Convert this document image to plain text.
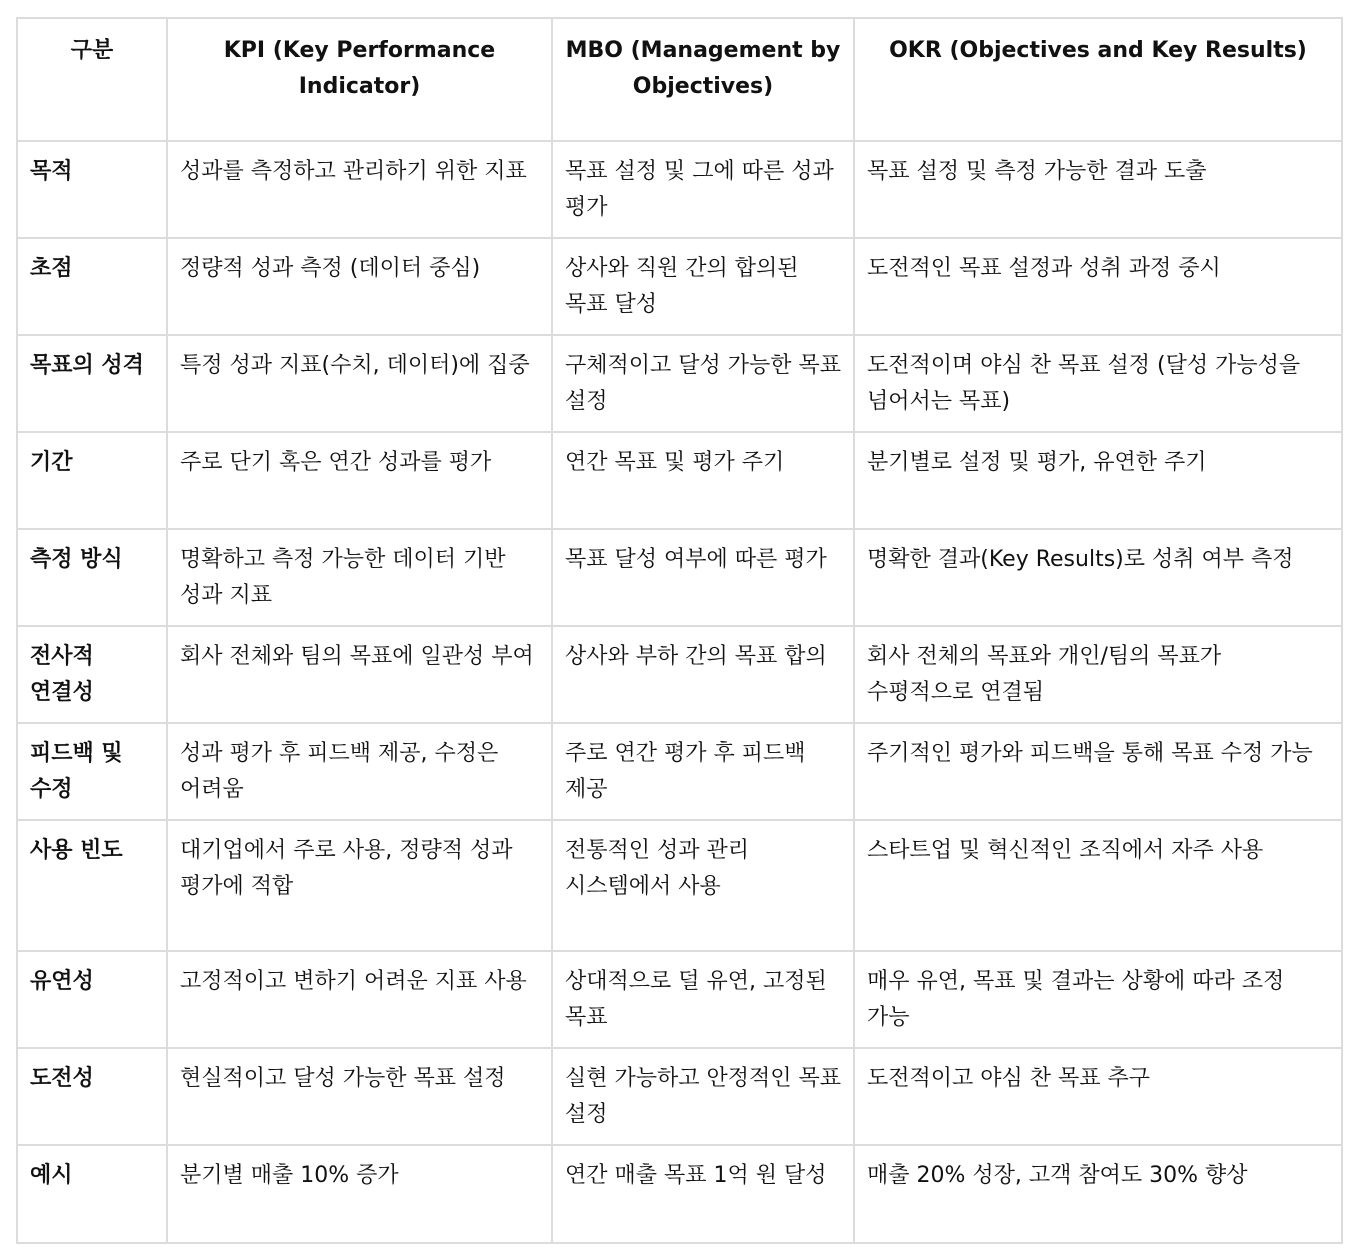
구분	KPI (Key Performance Indicator)	MBO (Management by Objectives)	OKR (Objectives and Key Results)
목적	성과를 측정하고 관리하기 위한 지표	목표 설정 및 그에 따른 성과 평가	목표 설정 및 측정 가능한 결과 도출
초점	정량적 성과 측정 (데이터 중심)	상사와 직원 간의 합의된 목표 달성	도전적인 목표 설정과 성취 과정 중시
목표의 성격	특정 성과 지표(수치, 데이터)에 집중	구체적이고 달성 가능한 목표 설정	도전적이며 야심 찬 목표 설정 (달성 가능성을 넘어서는 목표)
기간	주로 단기 혹은 연간 성과를 평가	연간 목표 및 평가 주기	분기별로 설정 및 평가, 유연한 주기
측정 방식	명확하고 측정 가능한 데이터 기반 성과 지표	목표 달성 여부에 따른 평가	명확한 결과(Key Results)로 성취 여부 측정
전사적 연결성	회사 전체와 팀의 목표에 일관성 부여	상사와 부하 간의 목표 합의	회사 전체의 목표와 개인/팀의 목표가 수평적으로 연결됨
피드백 및 수정	성과 평가 후 피드백 제공, 수정은 어려움	주로 연간 평가 후 피드백 제공	주기적인 평가와 피드백을 통해 목표 수정 가능
사용 빈도	대기업에서 주로 사용, 정량적 성과 평가에 적합	전통적인 성과 관리 시스템에서 사용	스타트업 및 혁신적인 조직에서 자주 사용
유연성	고정적이고 변하기 어려운 지표 사용	상대적으로 덜 유연, 고정된 목표	매우 유연, 목표 및 결과는 상황에 따라 조정 가능
도전성	현실적이고 달성 가능한 목표 설정	실현 가능하고 안정적인 목표 설정	도전적이고 야심 찬 목표 추구
예시	분기별 매출 10% 증가	연간 매출 목표 1억 원 달성	매출 20% 성장, 고객 참여도 30% 향상
